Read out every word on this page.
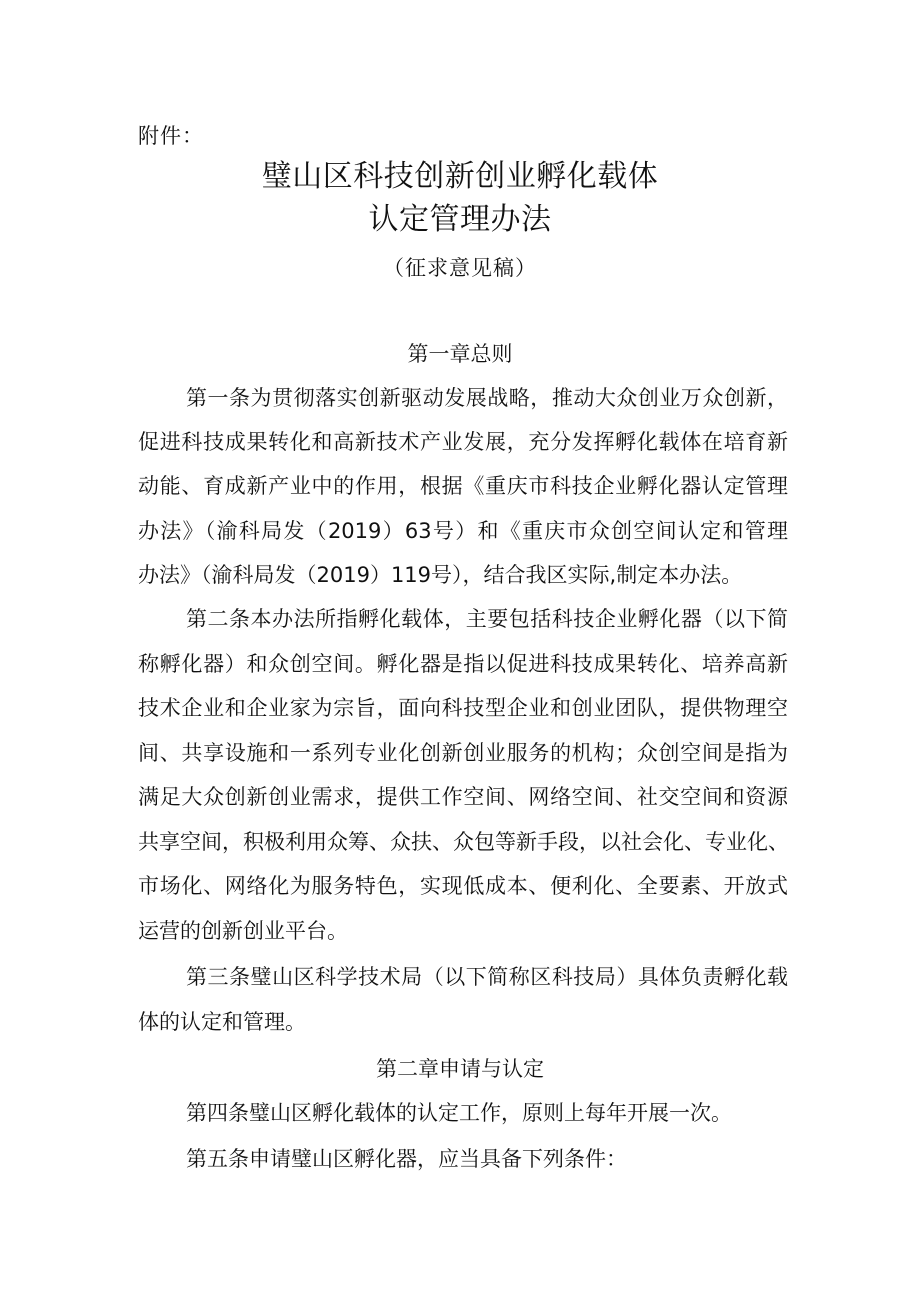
附件：
璧山区科技创新创业孵化载体
认定管理办法
（征求意见稿）
第一章总则
第一条为贯彻落实创新驱动发展战略，推动大众创业万众创新，
促进科技成果转化和高新技术产业发展，充分发挥孵化载体在培育新
动能、育成新产业中的作用，根据《重庆市科技企业孵化器认定管理
办法》（渝科局发（2019）63号）和《重庆市众创空间认定和管理
办法》（渝科局发（2019）119号），结合我区实际,制定本办法。
第二条本办法所指孵化载体，主要包括科技企业孵化器（以下简
称孵化器）和众创空间。孵化器是指以促进科技成果转化、培养高新
技术企业和企业家为宗旨，面向科技型企业和创业团队，提供物理空
间、共享设施和一系列专业化创新创业服务的机构；众创空间是指为
满足大众创新创业需求，提供工作空间、网络空间、社交空间和资源
共享空间，积极利用众筹、众扶、众包等新手段，以社会化、专业化、
市场化、网络化为服务特色，实现低成本、便利化、全要素、开放式
运营的创新创业平台。
第三条璧山区科学技术局（以下简称区科技局）具体负责孵化载
体的认定和管理。
第二章申请与认定
第四条璧山区孵化载体的认定工作，原则上每年开展一次。
第五条申请璧山区孵化器，应当具备下列条件：
